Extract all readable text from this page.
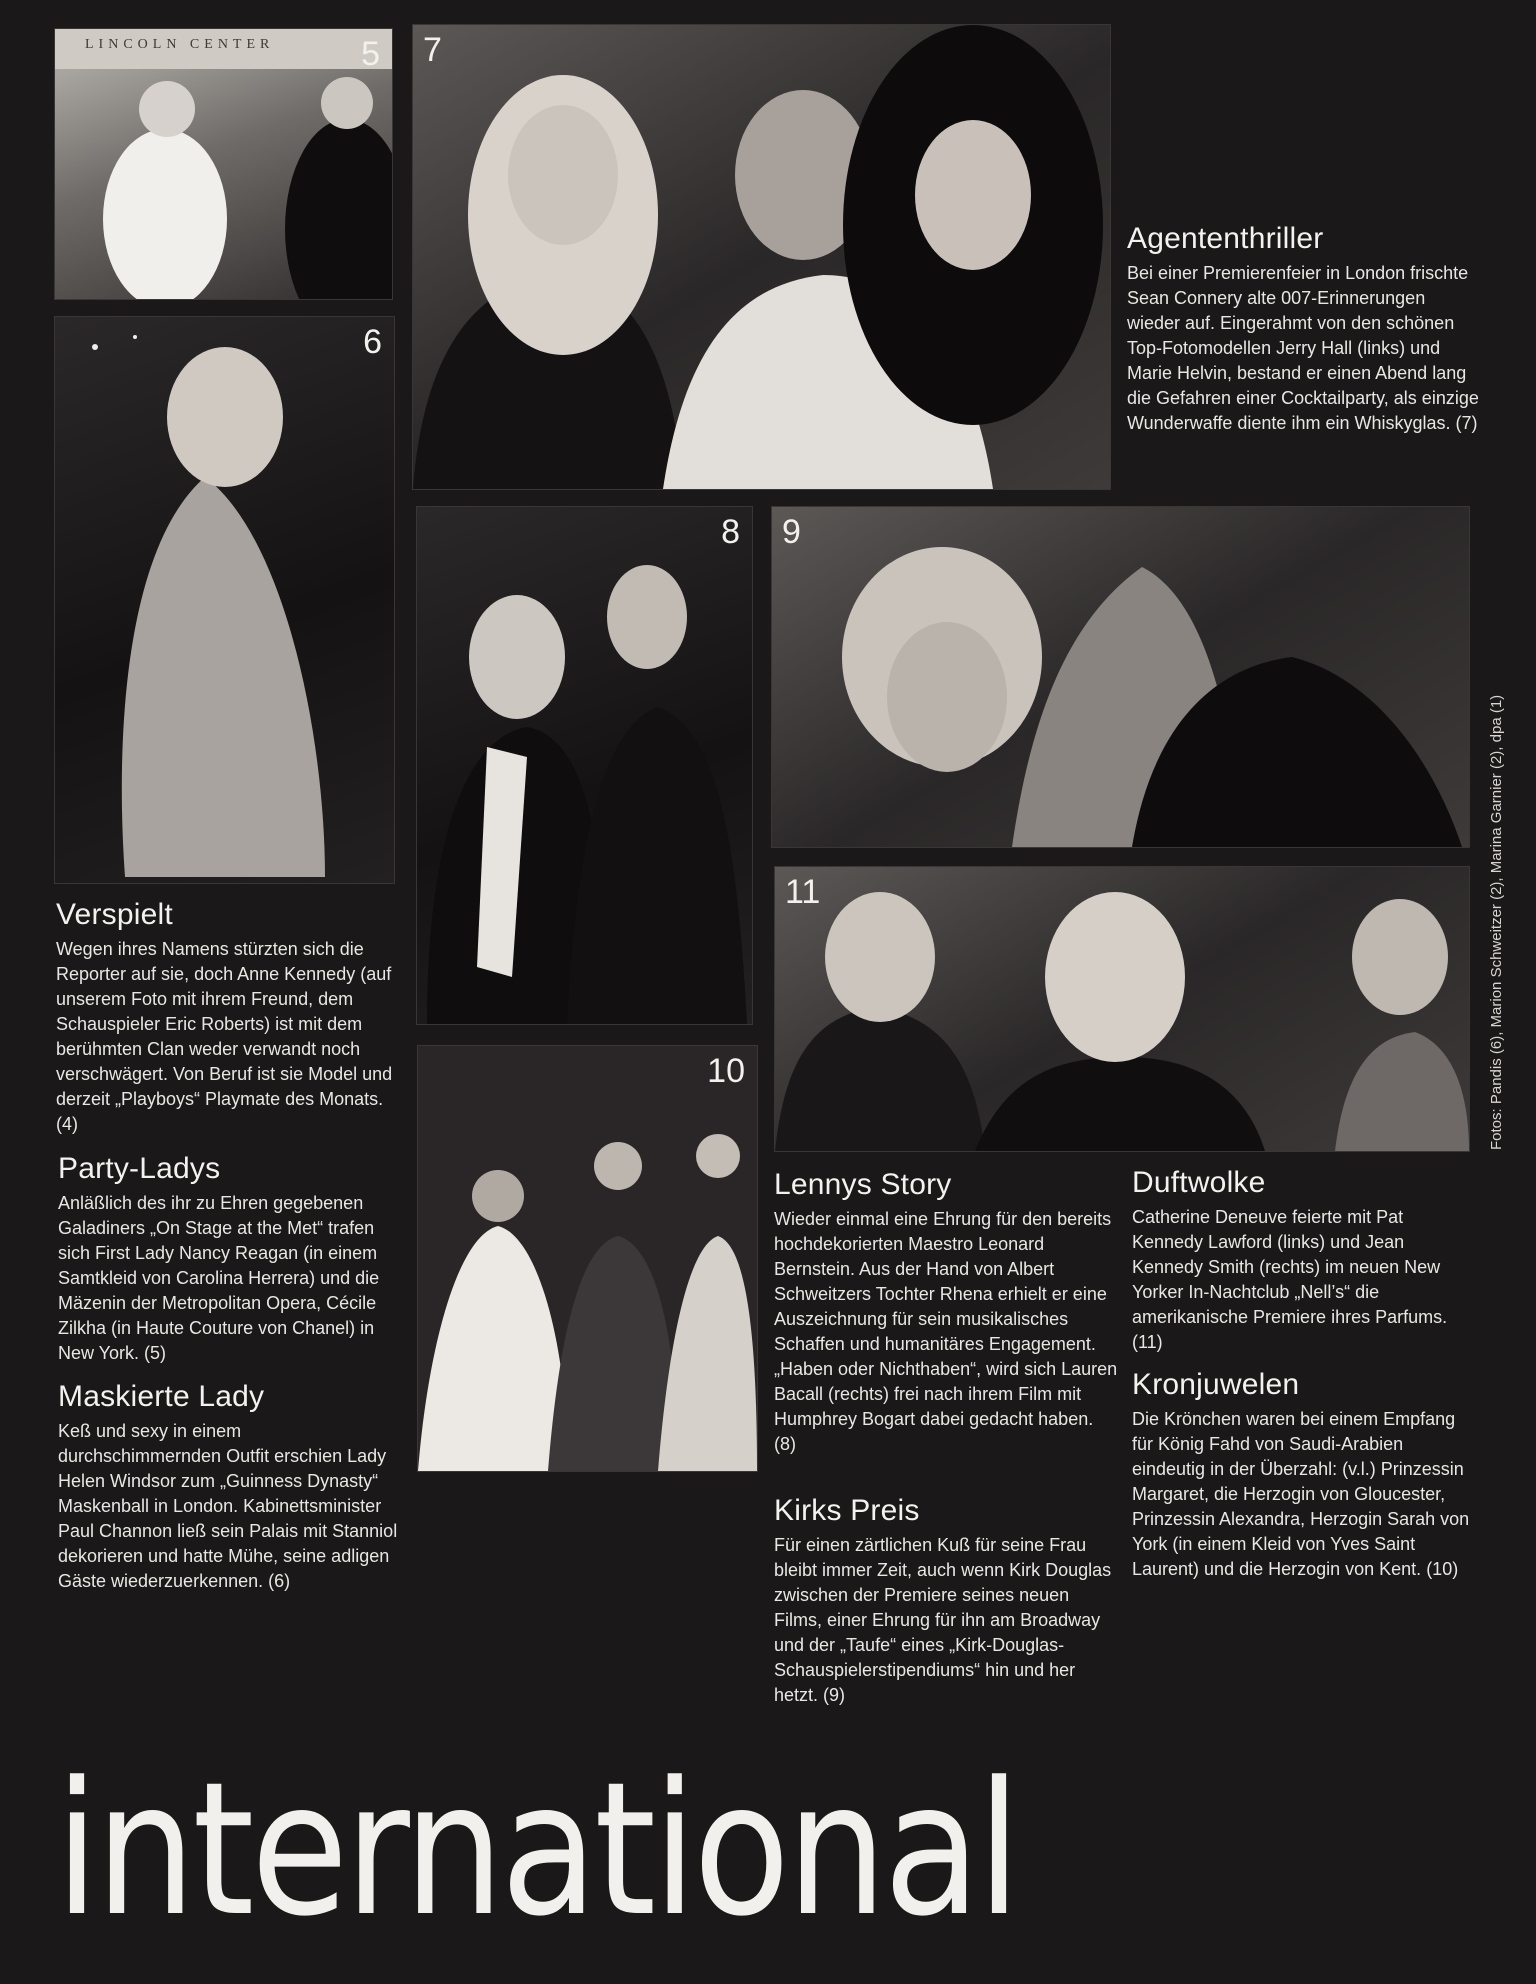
LINCOLN CENTER	5
6
7
8 9
11
10
Agententhriller

Bei einer Premierenfeier in London frischte Sean Connery alte 007-Erinnerungen wieder auf. Eingerahmt von den schönen Top-Fotomodellen Jerry Hall (links) und Marie Helvin, bestand er einen Abend lang die Gefahren einer Cocktailparty, als einzige Wunderwaffe diente ihm ein Whiskyglas. (7)

Verspielt

Wegen ihres Namens stürzten sich die Reporter auf sie, doch Anne Kennedy (auf unserem Foto mit ihrem Freund, dem Schauspieler Eric Roberts) ist mit dem berühmten Clan weder verwandt noch verschwägert. Von Beruf ist sie Model und derzeit „Playboys“ Playmate des Monats. (4)

Party-Ladys

Anläßlich des ihr zu Ehren gegebenen Galadiners „On Stage at the Met“ trafen sich First Lady Nancy Reagan (in einem Samtkleid von Carolina Herrera) und die Mäzenin der Metropolitan Opera, Cécile Zilkha (in Haute Couture von Chanel) in New York. (5)

Maskierte Lady

Keß und sexy in einem durchschimmernden Outfit erschien Lady Helen Windsor zum „Guinness Dynasty“ Maskenball in London. Kabinettsminister Paul Channon ließ sein Palais mit Stanniol dekorieren und hatte Mühe, seine adligen Gäste wiederzuerkennen. (6)

Lennys Story

Wieder einmal eine Ehrung für den bereits hochdekorierten Maestro Leonard Bernstein. Aus der Hand von Albert Schweitzers Tochter Rhena erhielt er eine Auszeichnung für sein musikalisches Schaffen und humanitäres Engagement. „Haben oder Nichthaben“, wird sich Lauren Bacall (rechts) frei nach ihrem Film mit Humphrey Bogart dabei gedacht haben. (8)

Kirks Preis

Für einen zärtlichen Kuß für seine Frau bleibt immer Zeit, auch wenn Kirk Douglas zwischen der Premiere seines neuen Films, einer Ehrung für ihn am Broadway und der „Taufe“ eines „Kirk-Douglas-Schauspielerstipendiums“ hin und her hetzt. (9)

Duftwolke

Catherine Deneuve feierte mit Pat Kennedy Lawford (links) und Jean Kennedy Smith (rechts) im neuen New Yorker In-Nachtclub „Nell’s“ die amerikanische Premiere ihres Parfums. (11)

Kronjuwelen

Die Krönchen waren bei einem Empfang für König Fahd von Saudi-Arabien eindeutig in der Überzahl: (v.l.) Prinzessin Margaret, die Herzogin von Gloucester, Prinzessin Alexandra, Herzogin Sarah von York (in einem Kleid von Yves Saint Laurent) und die Herzogin von Kent. (10)

Fotos: Pandis (6), Marion Schweitzer (2), Marina Garnier (2), dpa (1)
international
